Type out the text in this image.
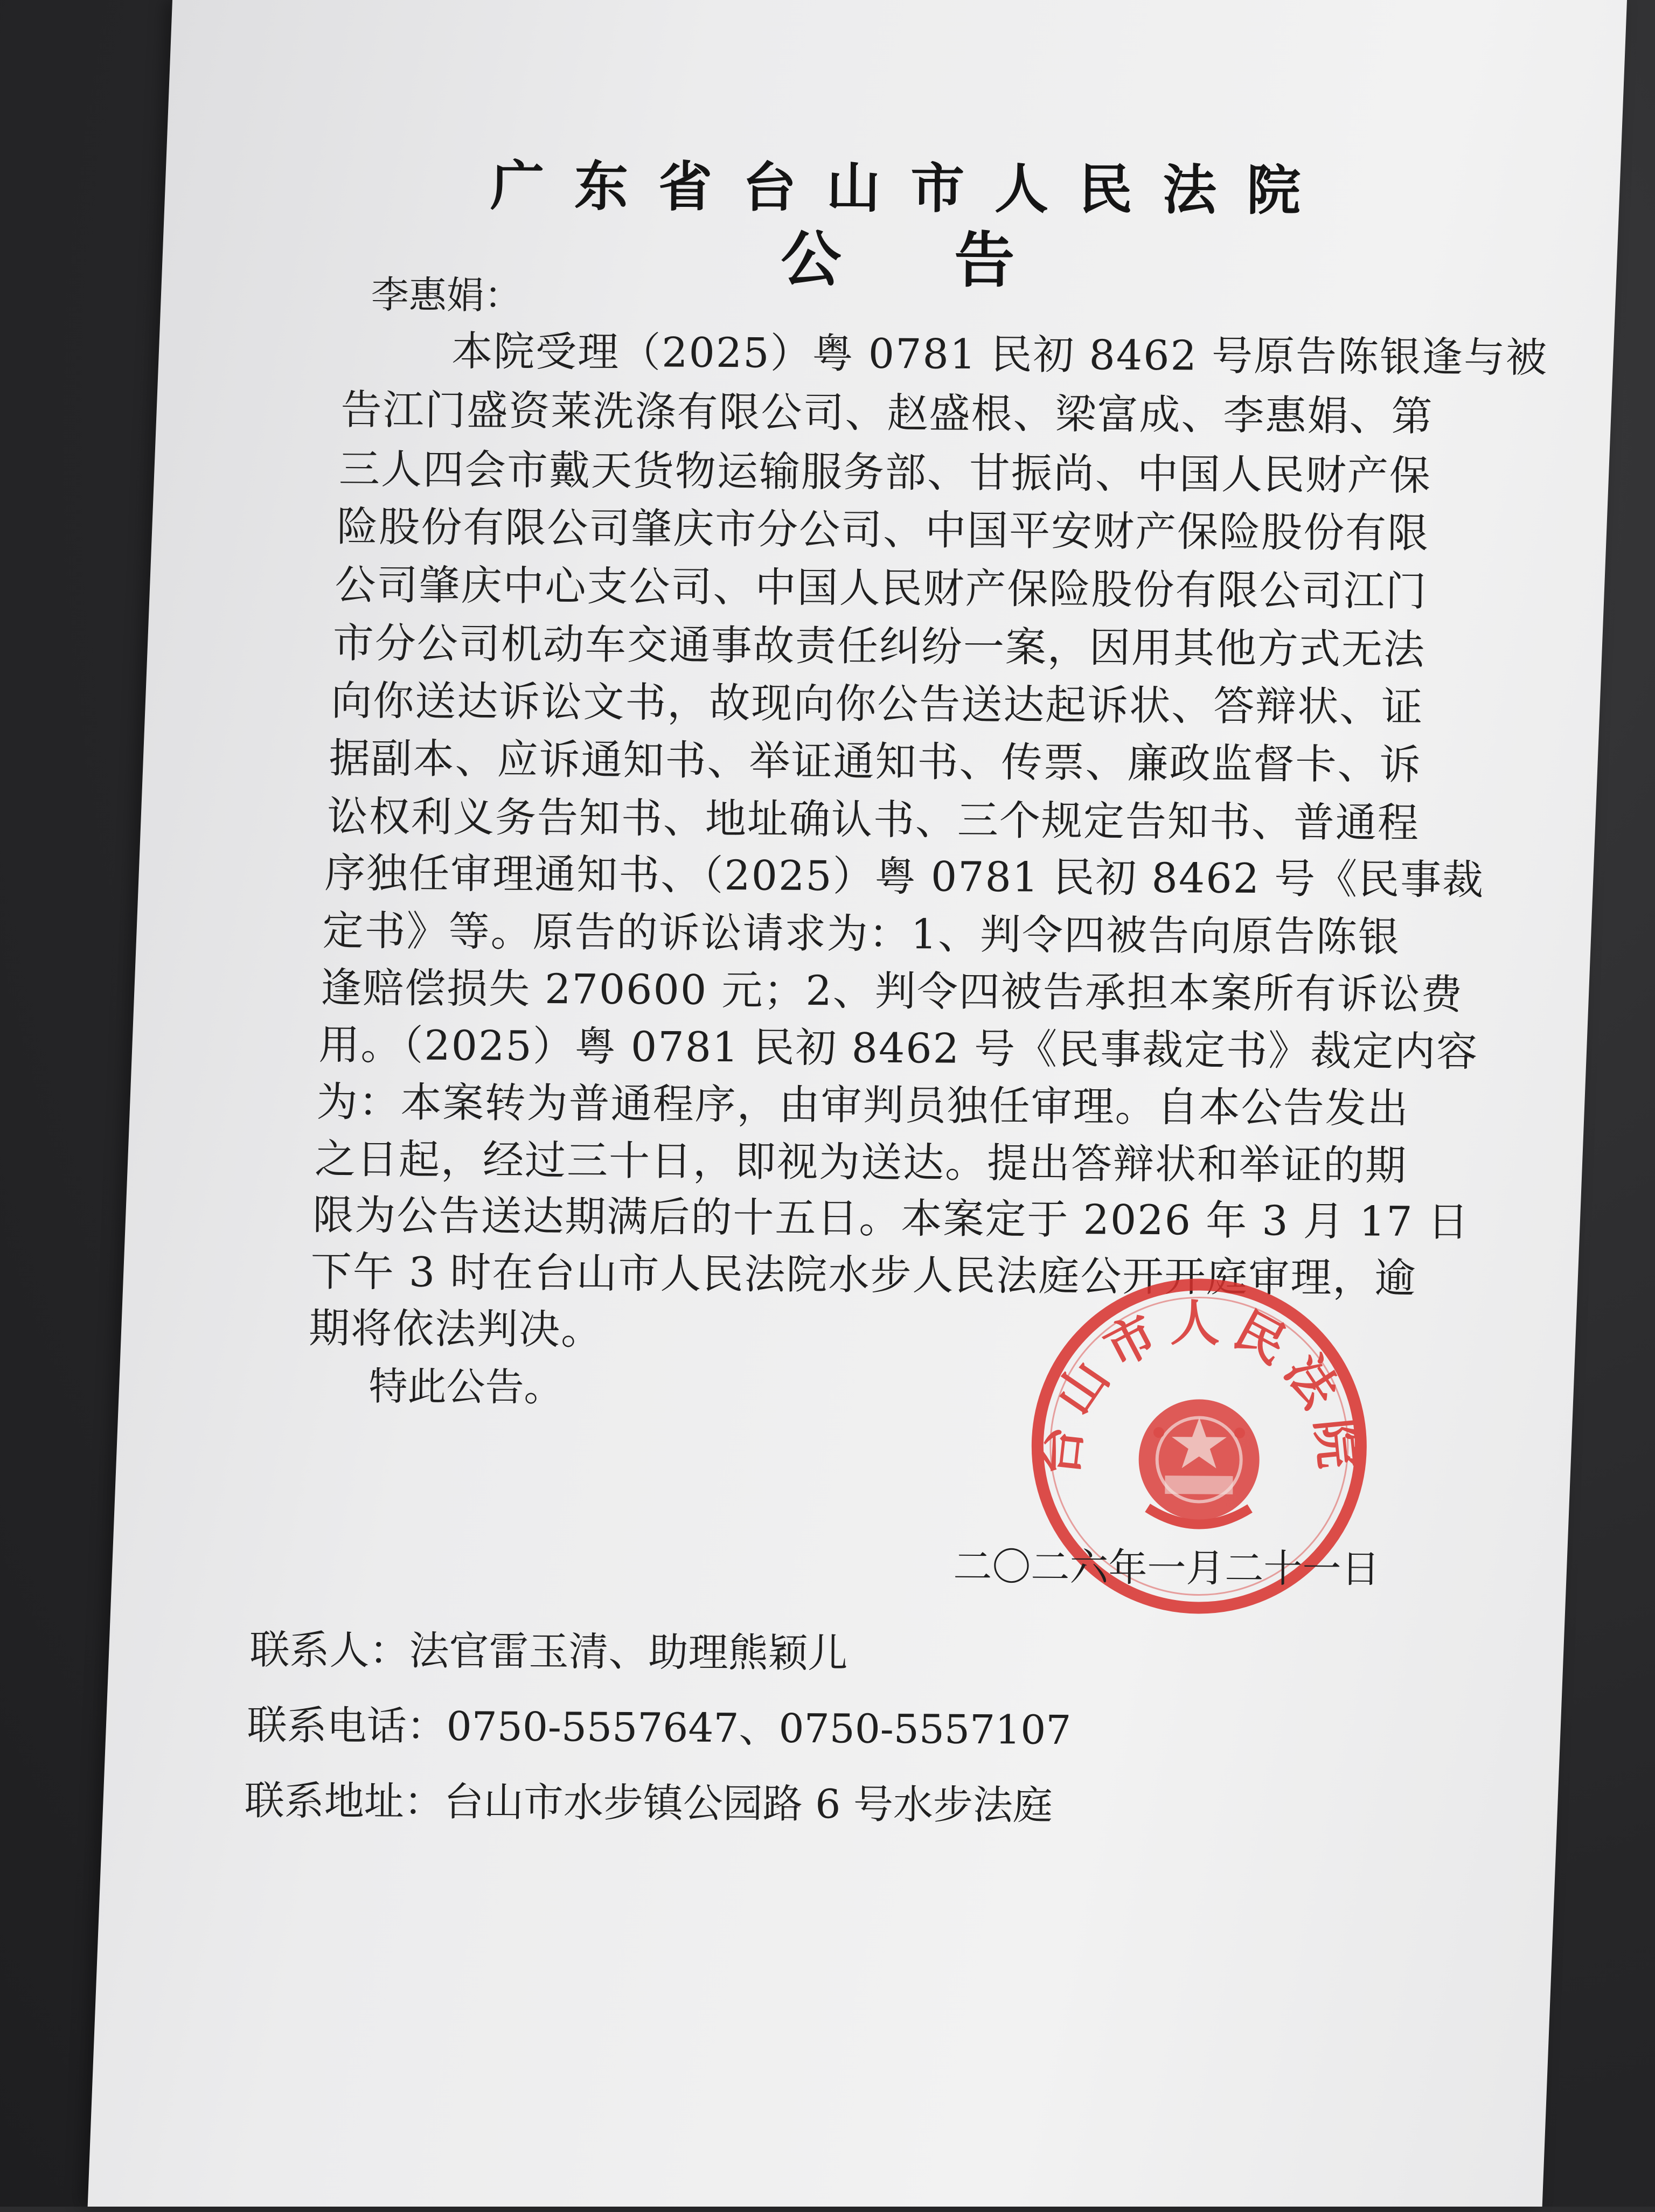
广东省台山市人民法院
公告
李惠娟：
本院受理（2025）粤 0781 民初 8462 号原告陈银逢与被
告江门盛资莱洗涤有限公司、赵盛根、梁富成、李惠娟、第
三人四会市戴天货物运输服务部、甘振尚、中国人民财产保
险股份有限公司肇庆市分公司、中国平安财产保险股份有限
公司肇庆中心支公司、中国人民财产保险股份有限公司江门
市分公司机动车交通事故责任纠纷一案，因用其他方式无法
向你送达诉讼文书，故现向你公告送达起诉状、答辩状、证
据副本、应诉通知书、举证通知书、传票、廉政监督卡、诉
讼权利义务告知书、地址确认书、三个规定告知书、普通程
序独任审理通知书、（2025）粤 0781 民初 8462 号《民事裁
定书》等。原告的诉讼请求为：1、判令四被告向原告陈银
逢赔偿损失 270600 元；2、判令四被告承担本案所有诉讼费
用。（2025）粤 0781 民初 8462 号《民事裁定书》裁定内容
为：本案转为普通程序，由审判员独任审理。自本公告发出
之日起，经过三十日，即视为送达。提出答辩状和举证的期
限为公告送达期满后的十五日。本案定于 2026 年 3 月 17 日
下午 3 时在台山市人民法院水步人民法庭公开开庭审理，逾
期将依法判决。
特此公告。
台山市人民法院
二〇二六年一月二十一日
联系人：法官雷玉清、助理熊颖儿
联系电话：0750-5557647、0750-5557107
联系地址：台山市水步镇公园路 6 号水步法庭
